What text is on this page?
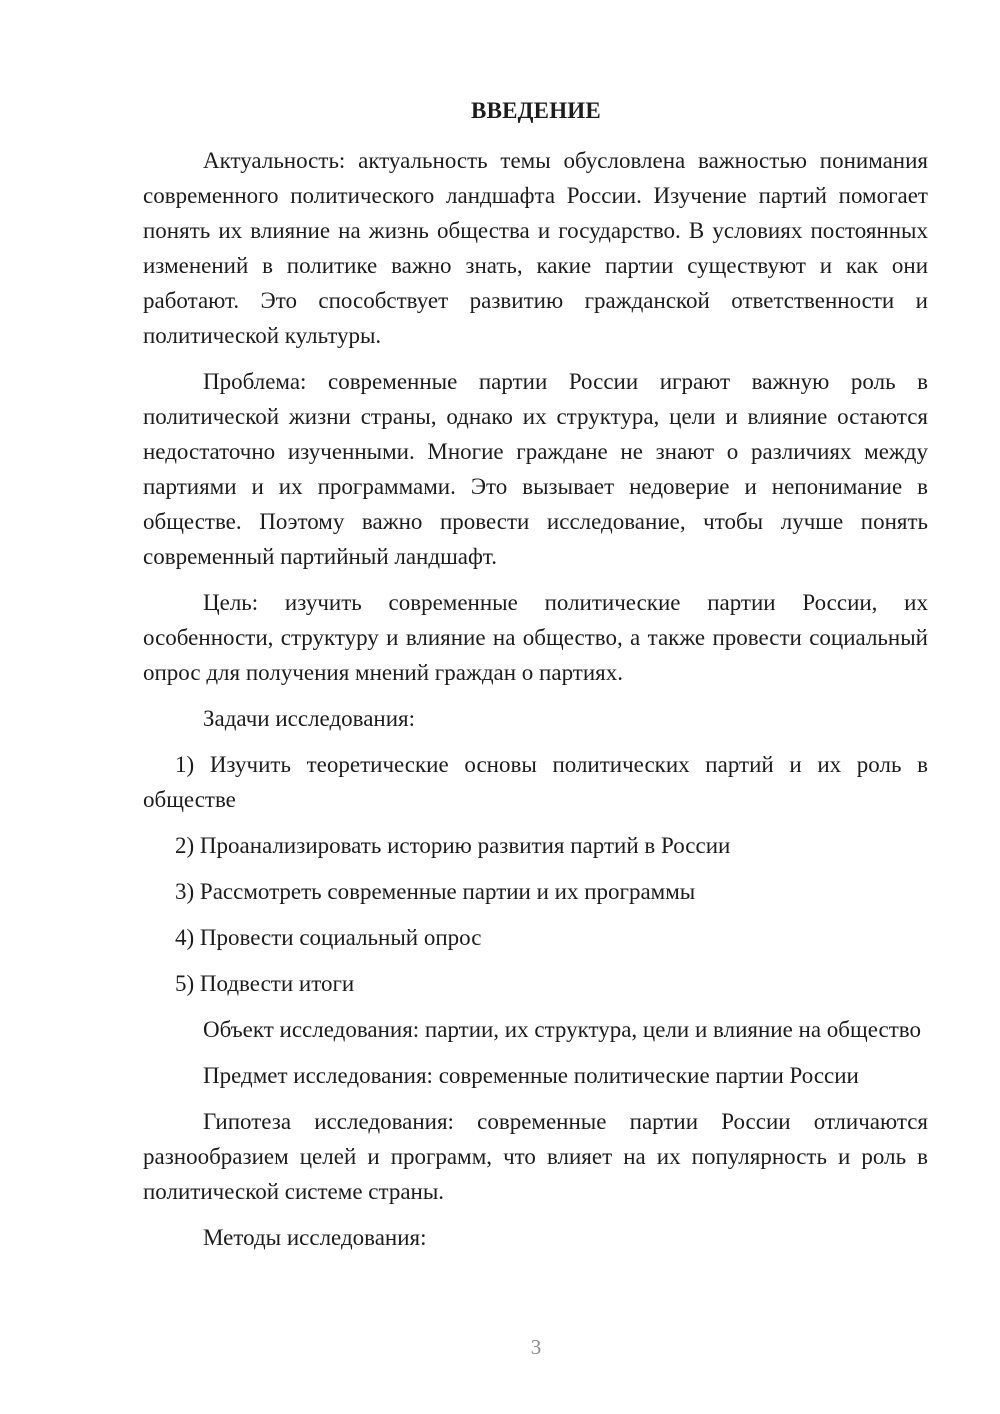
ВВЕДЕНИЕ

Актуальность: актуальность темы обусловлена важностью понимания современного политического ландшафта России. Изучение партий помогает понять их влияние на жизнь общества и государство. В условиях постоянных изменений в политике важно знать, какие партии существуют и как они работают. Это способствует развитию гражданской ответственности и политической культуры.

Проблема: современные партии России играют важную роль в политической жизни страны, однако их структура, цели и влияние остаются недостаточно изученными. Многие граждане не знают о различиях между партиями и их программами. Это вызывает недоверие и непонимание в обществе. Поэтому важно провести исследование, чтобы лучше понять современный партийный ландшафт.

Цель: изучить современные политические партии России, их особенности, структуру и влияние на общество, а также провести социальный опрос для получения мнений граждан о партиях.

Задачи исследования:

1) Изучить теоретические основы политических партий и их роль в обществе

2) Проанализировать историю развития партий в России

3) Рассмотреть современные партии и их программы

4) Провести социальный опрос

5) Подвести итоги

Объект исследования: партии, их структура, цели и влияние на общество

Предмет исследования: современные политические партии России

Гипотеза исследования: современные партии России отличаются разнообразием целей и программ, что влияет на их популярность и роль в политической системе страны.

Методы исследования:

3
